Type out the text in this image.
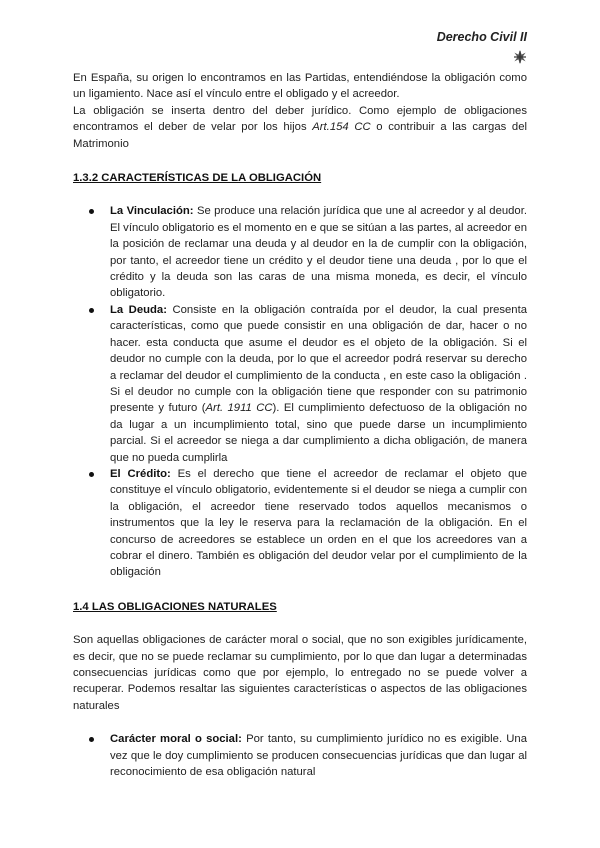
Derecho Civil II

En España, su origen lo encontramos en las Partidas, entendiéndose la obligación como un ligamiento. Nace así el vínculo entre el obligado y el acreedor.

La obligación se inserta dentro del deber jurídico. Como ejemplo de obligaciones encontramos el deber de velar por los hijos Art.154 CC o contribuir a las cargas del Matrimonio

1.3.2 CARACTERÍSTICAS DE LA OBLIGACIÓN
La Vinculación: Se produce una relación jurídica que une al acreedor y al deudor. El vínculo obligatorio es el momento en e que se sitúan a las partes, al acreedor en la posición de reclamar una deuda y al deudor en la de cumplir con la obligación, por tanto, el acreedor tiene un crédito y el deudor tiene una deuda , por lo que el crédito y la deuda son las caras de una misma moneda, es decir, el vínculo obligatorio.
La Deuda: Consiste en la obligación contraída por el deudor, la cual presenta características, como que puede consistir en una obligación de dar, hacer o no hacer. esta conducta que asume el deudor es el objeto de la obligación. Si el deudor no cumple con la deuda, por lo que el acreedor podrá reservar su derecho a reclamar del deudor el cumplimiento de la conducta , en este caso la obligación . Si el deudor no cumple con la obligación tiene que responder con su patrimonio presente y futuro (Art. 1911 CC). El cumplimiento defectuoso de la obligación no da lugar a un incumplimiento total, sino que puede darse un incumplimiento parcial. Si el acreedor se niega a dar cumplimiento a dicha obligación, de manera que no pueda cumplirla
El Crédito: Es el derecho que tiene el acreedor de reclamar el objeto que constituye el vínculo obligatorio, evidentemente si el deudor se niega a cumplir con la obligación, el acreedor tiene reservado todos aquellos mecanismos o instrumentos que la ley le reserva para la reclamación de la obligación. En el concurso de acreedores se establece un orden en el que los acreedores van a cobrar el dinero. También es obligación del deudor velar por el cumplimiento de la obligación
1.4 LAS OBLIGACIONES NATURALES

Son aquellas obligaciones de carácter moral o social, que no son exigibles jurídicamente, es decir, que no se puede reclamar su cumplimiento, por lo que dan lugar a determinadas consecuencias jurídicas como que por ejemplo, lo entregado no se puede volver a recuperar. Podemos resaltar las siguientes características o aspectos de las obligaciones naturales

Carácter moral o social: Por tanto, su cumplimiento jurídico no es exigible. Una vez que le doy cumplimiento se producen consecuencias jurídicas que dan lugar al reconocimiento de esa obligación natural
